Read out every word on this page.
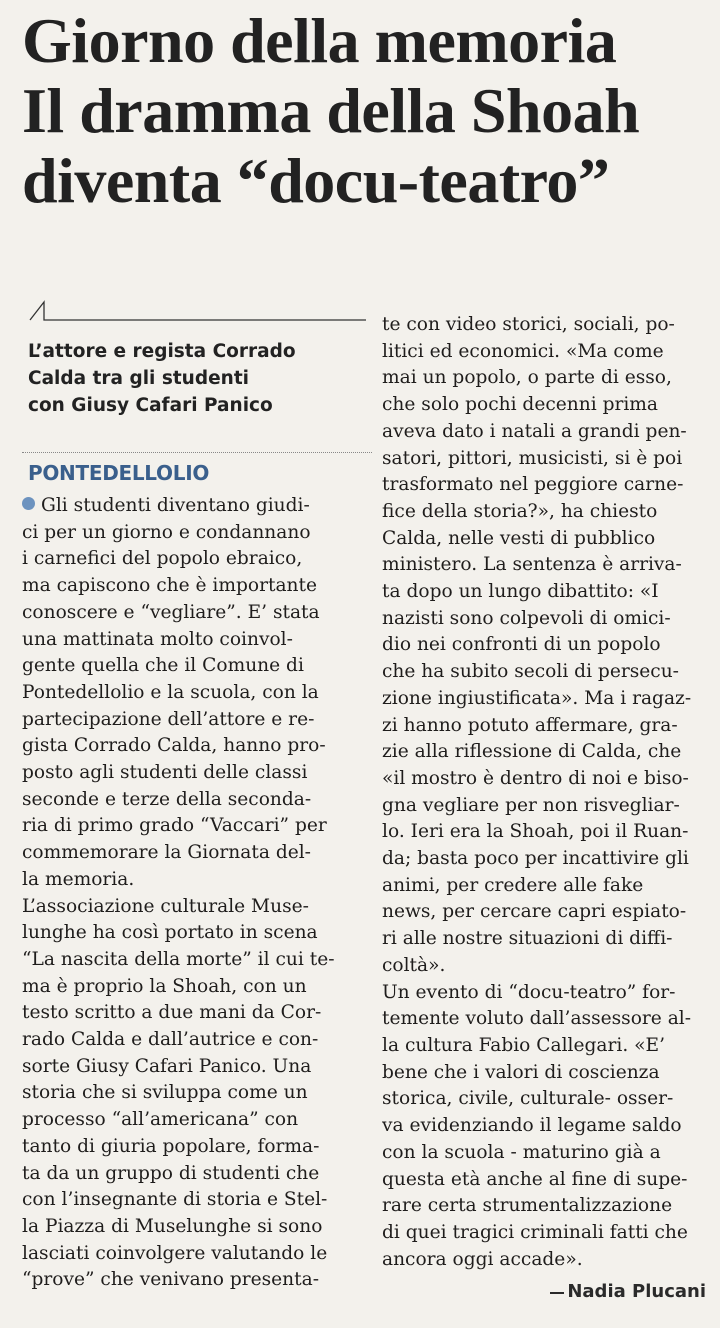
Giorno della memoria
Il dramma della Shoah
diventa “docu-teatro”
L’attore e regista Corrado
Calda tra gli studenti
con Giusy Cafari Panico
PONTEDELLOLIO
Gli studenti diventano giudi-
ci per un giorno e condannano
i carnefici del popolo ebraico,
ma capiscono che è importante
conoscere e “vegliare”. E’ stata
una mattinata molto coinvol-
gente quella che il Comune di
Pontedellolio e la scuola, con la
partecipazione dell’attore e re-
gista Corrado Calda, hanno pro-
posto agli studenti delle classi
seconde e terze della seconda-
ria di primo grado “Vaccari” per
commemorare la Giornata del-
la memoria.
L’associazione culturale Muse-
lunghe ha così portato in scena
“La nascita della morte” il cui te-
ma è proprio la Shoah, con un
testo scritto a due mani da Cor-
rado Calda e dall’autrice e con-
sorte Giusy Cafari Panico. Una
storia che si sviluppa come un
processo “all’americana” con
tanto di giuria popolare, forma-
ta da un gruppo di studenti che
con l’insegnante di storia e Stel-
la Piazza di Muselunghe si sono
lasciati coinvolgere valutando le
“prove” che venivano presenta-
te con video storici, sociali, po-
litici ed economici. «Ma come
mai un popolo, o parte di esso,
che solo pochi decenni prima
aveva dato i natali a grandi pen-
satori, pittori, musicisti, si è poi
trasformato nel peggiore carne-
fice della storia?», ha chiesto
Calda, nelle vesti di pubblico
ministero. La sentenza è arriva-
ta dopo un lungo dibattito: «I
nazisti sono colpevoli di omici-
dio nei confronti di un popolo
che ha subito secoli di persecu-
zione ingiustificata». Ma i ragaz-
zi hanno potuto affermare, gra-
zie alla riflessione di Calda, che
«il mostro è dentro di noi e biso-
gna vegliare per non risvegliar-
lo. Ieri era la Shoah, poi il Ruan-
da; basta poco per incattivire gli
animi, per credere alle fake
news, per cercare capri espiato-
ri alle nostre situazioni di diffi-
coltà».
Un evento di “docu-teatro” for-
temente voluto dall’assessore al-
la cultura Fabio Callegari. «E’
bene che i valori di coscienza
storica, civile, culturale- osser-
va evidenziando il legame saldo
con la scuola - maturino già a
questa età anche al fine di supe-
rare certa strumentalizzazione
di quei tragici criminali fatti che
ancora oggi accade».
Nadia Plucani
